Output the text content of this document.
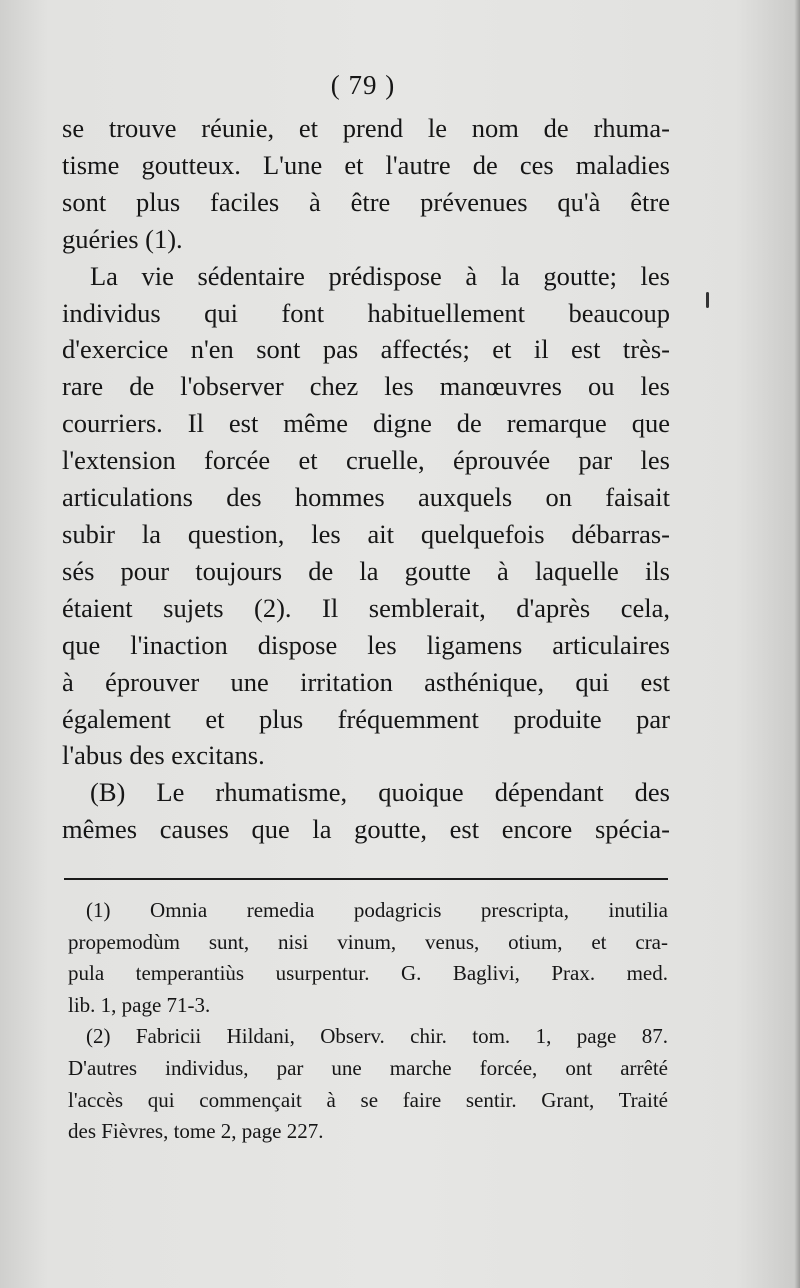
( 79 )
se trouve réunie, et prend le nom de rhuma-
tisme goutteux. L'une et l'autre de ces maladies
sont plus faciles à être prévenues qu'à être
guéries (1).
La vie sédentaire prédispose à la goutte; les
individus qui font habituellement beaucoup
d'exercice n'en sont pas affectés; et il est très-
rare de l'observer chez les manœuvres ou les
courriers. Il est même digne de remarque que
l'extension forcée et cruelle, éprouvée par les
articulations des hommes auxquels on faisait
subir la question, les ait quelquefois débarras-
sés pour toujours de la goutte à laquelle ils
étaient sujets (2). Il semblerait, d'après cela,
que l'inaction dispose les ligamens articulaires
à éprouver une irritation asthénique, qui est
également et plus fréquemment produite par
l'abus des excitans.
(B) Le rhumatisme, quoique dépendant des
mêmes causes que la goutte, est encore spécia-
(1) Omnia remedia podagricis prescripta, inutilia
propemodùm sunt, nisi vinum, venus, otium, et cra-
pula temperantiùs usurpentur. G. Baglivi, Prax. med.
lib. 1, page 71-3.
(2) Fabricii Hildani, Observ. chir. tom. 1, page 87.
D'autres individus, par une marche forcée, ont arrêté
l'accès qui commençait à se faire sentir. Grant, Traité
des Fièvres, tome 2, page 227.
